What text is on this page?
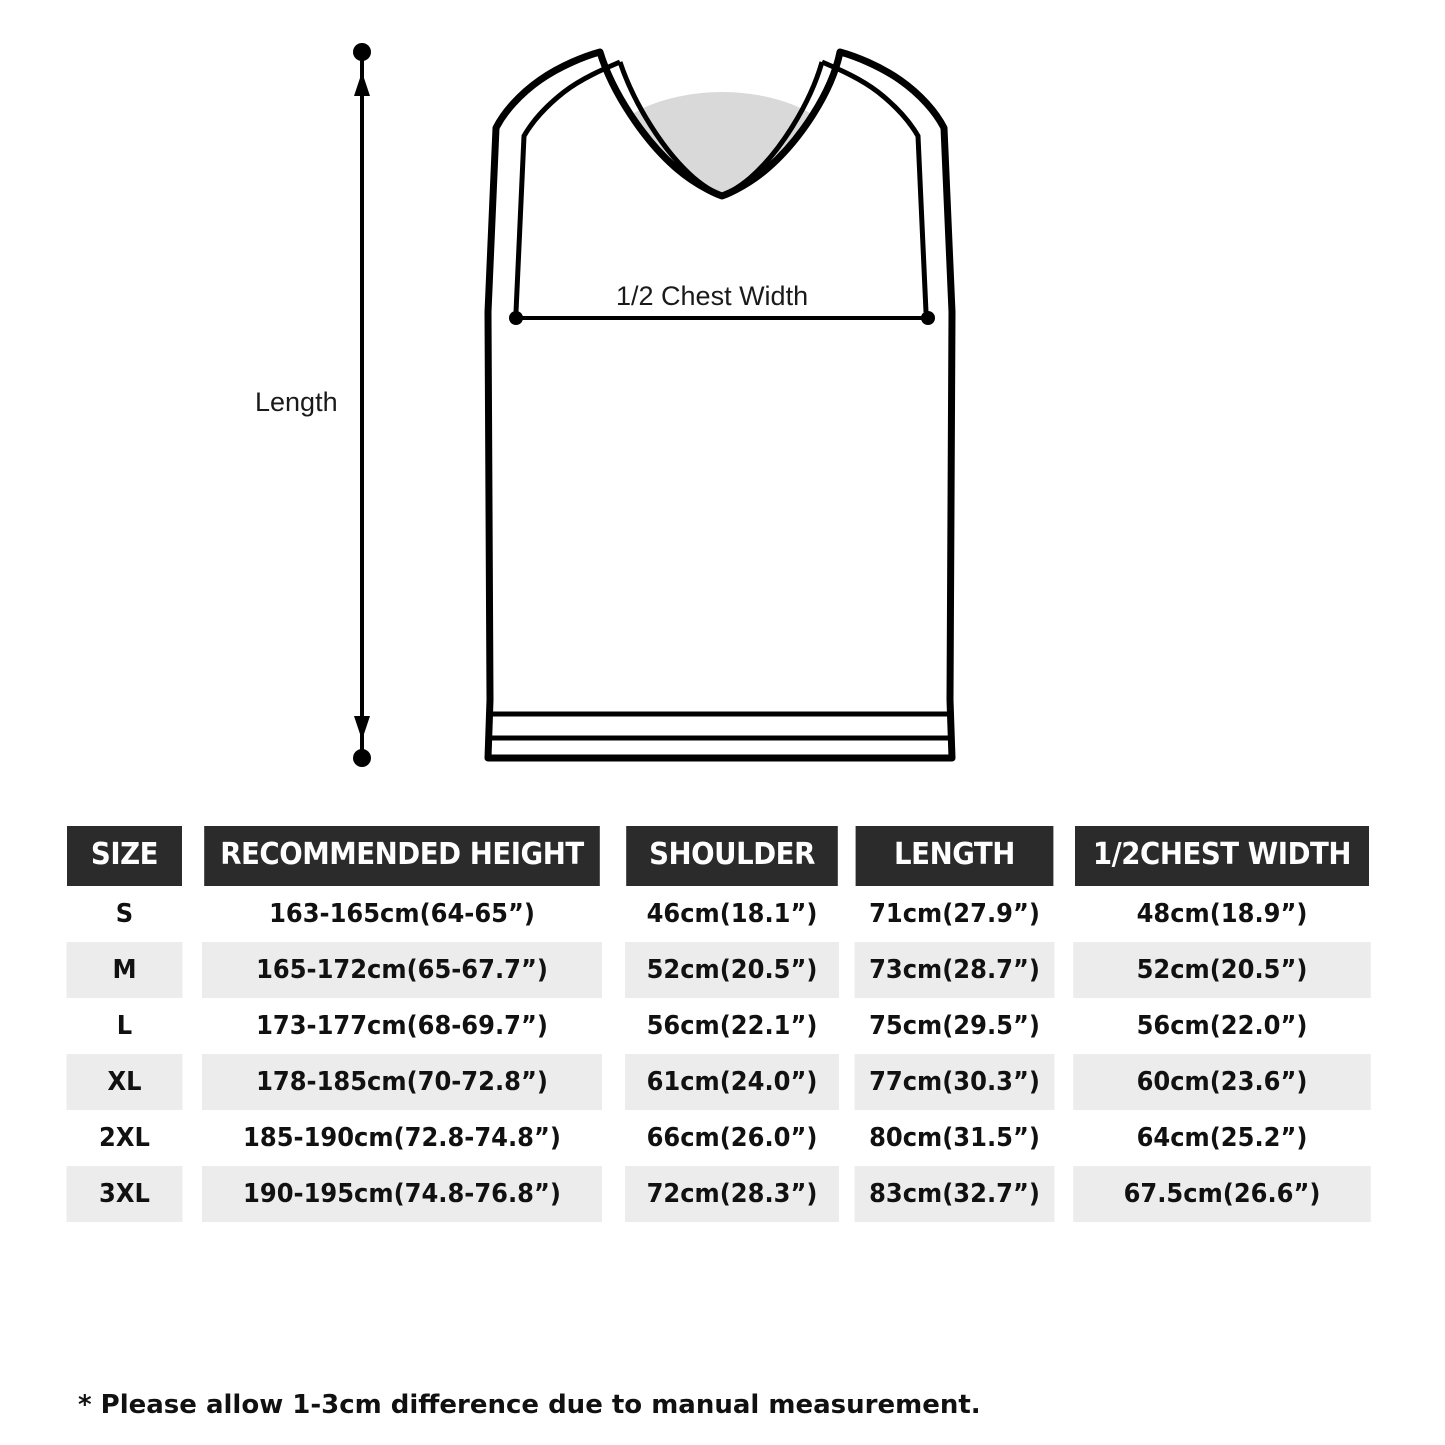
Length
1/2 Chest Width
SIZE	RECOMMENDED HEIGHT	SHOULDER	LENGTH	1/2CHEST WIDTH
S	163-165cm(64-65”)	46cm(18.1”)	71cm(27.9”)	48cm(18.9”)
M	165-172cm(65-67.7”)	52cm(20.5”)	73cm(28.7”)	52cm(20.5”)
L	173-177cm(68-69.7”)	56cm(22.1”)	75cm(29.5”)	56cm(22.0”)
XL	178-185cm(70-72.8”)	61cm(24.0”)	77cm(30.3”)	60cm(23.6”)
2XL	185-190cm(72.8-74.8”)	66cm(26.0”)	80cm(31.5”)	64cm(25.2”)
3XL	190-195cm(74.8-76.8”)	72cm(28.3”)	83cm(32.7”)	67.5cm(26.6”)
* Please allow 1-3cm difference due to manual measurement.
